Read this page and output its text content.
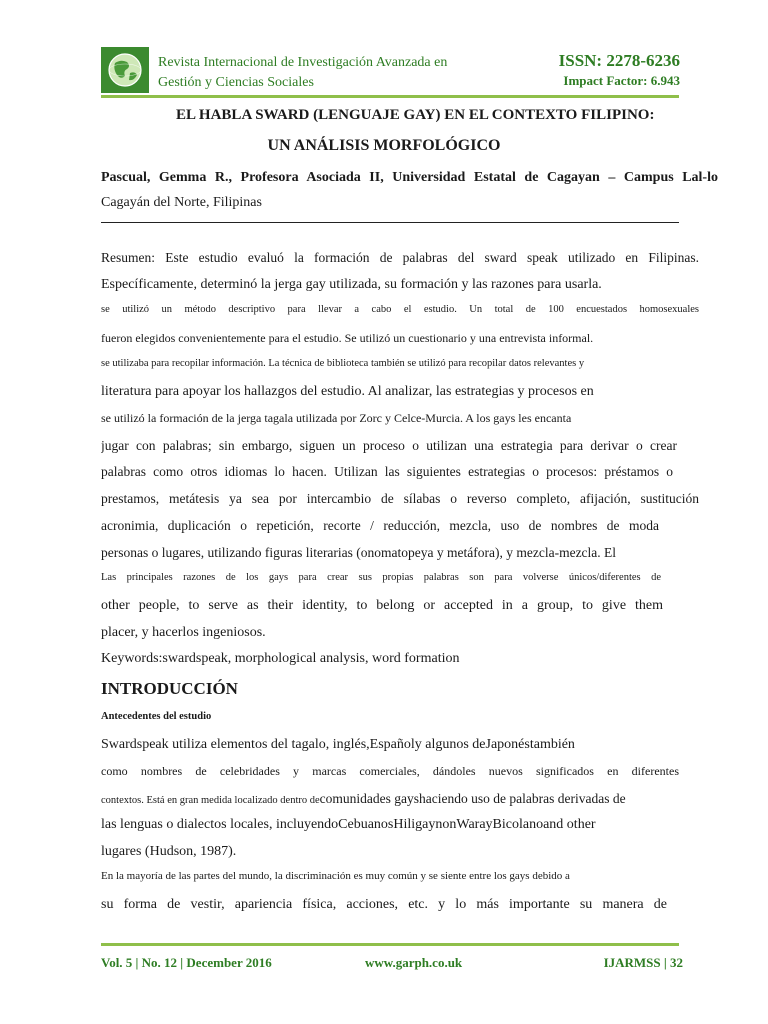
Revista Internacional de Investigación Avanzada en
Gestión y Ciencias Sociales
ISSN: 2278-6236
Impact Factor: 6.943
EL HABLA SWARD (LENGUAJE GAY) EN EL CONTEXTO FILIPINO:
UN ANÁLISIS MORFOLÓGICO
Pascual, Gemma R., Profesora Asociada II, Universidad Estatal de Cagayan – Campus Lal-lo
Cagayán del Norte, Filipinas
Resumen: Este estudio evaluó la formación de palabras del sward speak utilizado en Filipinas.
Específicamente, determinó la jerga gay utilizada, su formación y las razones para usarla.
se utilizó un método descriptivo para llevar a cabo el estudio. Un total de 100 encuestados homosexuales
fueron elegidos convenientemente para el estudio. Se utilizó un cuestionario y una entrevista informal.
se utilizaba para recopilar información. La técnica de biblioteca también se utilizó para recopilar datos relevantes y
literatura para apoyar los hallazgos del estudio. Al analizar, las estrategias y procesos en
se utilizó la formación de la jerga tagala utilizada por Zorc y Celce-Murcia. A los gays les encanta
jugar con palabras; sin embargo, siguen un proceso o utilizan una estrategia para derivar o crear
palabras como otros idiomas lo hacen. Utilizan las siguientes estrategias o procesos: préstamos o
prestamos, metátesis ya sea por intercambio de sílabas o reverso completo, afijación, sustitución
acronimia, duplicación o repetición, recorte / reducción, mezcla, uso de nombres de moda
personas o lugares, utilizando figuras literarias (onomatopeya y metáfora), y mezcla-mezcla. El
Las principales razones de los gays para crear sus propias palabras son para volverse únicos/diferentes de
other people, to serve as their identity, to belong or accepted in a group, to give them
placer, y hacerlos ingeniosos.
Keywords:swardspeak, morphological analysis, word formation
INTRODUCCIÓN
Antecedentes del estudio
Swardspeak utiliza elementos del tagalo, inglés,Españoly algunos deJaponéstambién
como nombres de celebridades y marcas comerciales, dándoles nuevos significados en diferentes
contextos. Está en gran medida localizado dentro decomunidades gayshaciendo uso de palabras derivadas de
las lenguas o dialectos locales, incluyendoCebuanosHiligaynonWarayBicolanoand other
lugares (Hudson, 1987).
En la mayoría de las partes del mundo, la discriminación es muy común y se siente entre los gays debido a
su forma de vestir, apariencia física, acciones, etc. y lo más importante su manera de
Vol. 5 | No. 12 | December 2016	www.garph.co.uk	IJARMSS | 32
